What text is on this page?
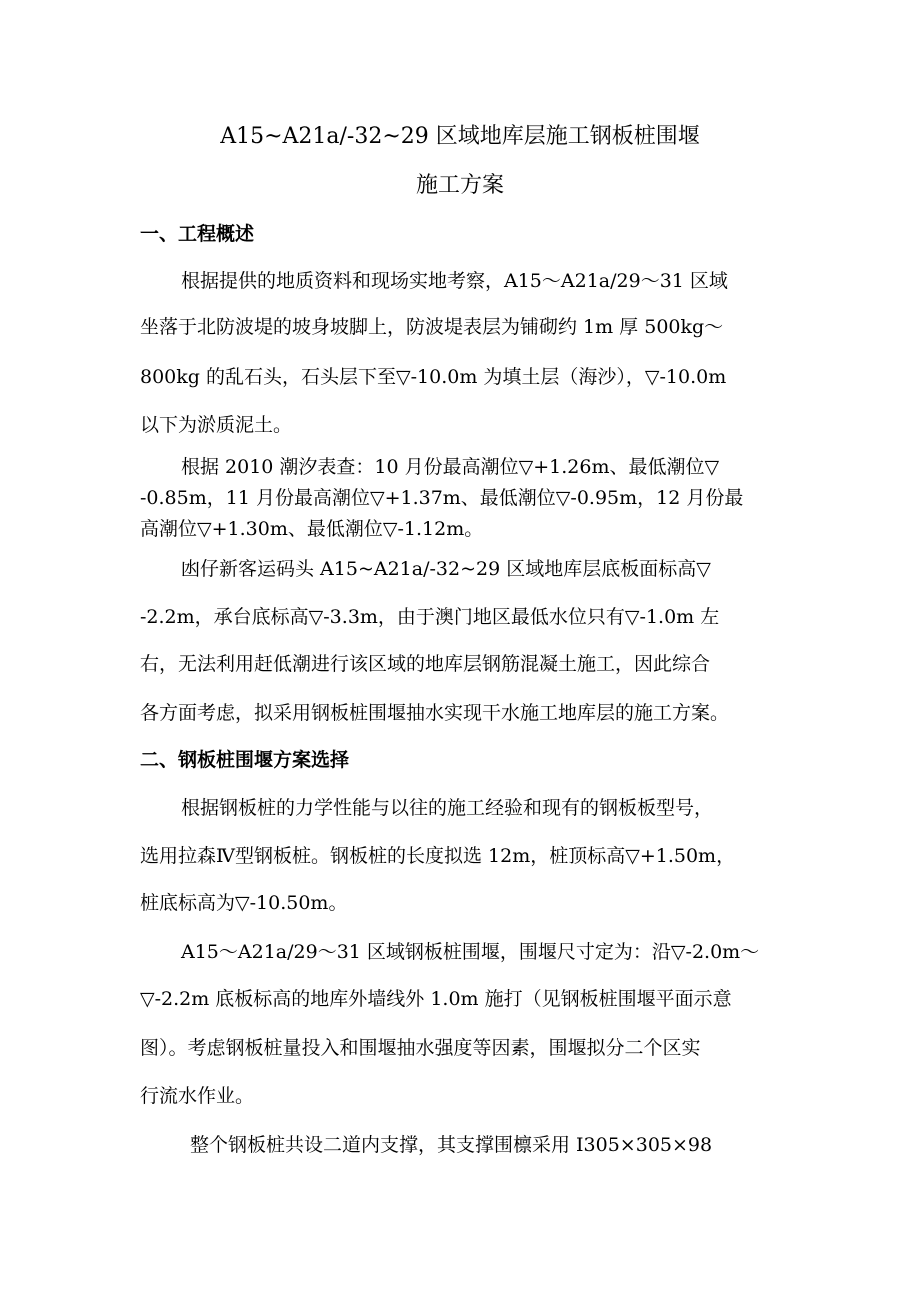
A15~A21a/-32~29 区域地库层施工钢板桩围堰
施工方案
一、工程概述
根据提供的地质资料和现场实地考察，A15～A21a/29～31 区域
坐落于北防波堤的坡身坡脚上，防波堤表层为铺砌约 1m 厚 500kg～
800kg 的乱石头，石头层下至▽-10.0m 为填土层（海沙），▽-10.0m
以下为淤质泥土。
根据 2010 潮汐表查：10 月份最高潮位▽+1.26m、最低潮位▽
-0.85m，11 月份最高潮位▽+1.37m、最低潮位▽-0.95m，12 月份最
高潮位▽+1.30m、最低潮位▽-1.12m。
凼仔新客运码头 A15~A21a/-32~29 区域地库层底板面标高▽
-2.2m，承台底标高▽-3.3m，由于澳门地区最低水位只有▽-1.0m 左
右，无法利用赶低潮进行该区域的地库层钢筋混凝土施工，因此综合
各方面考虑，拟采用钢板桩围堰抽水实现干水施工地库层的施工方案。
二、钢板桩围堰方案选择
根据钢板桩的力学性能与以往的施工经验和现有的钢板板型号，
选用拉森Ⅳ型钢板桩。钢板桩的长度拟选 12m，桩顶标高▽+1.50m，
桩底标高为▽-10.50m。
A15～A21a/29～31 区域钢板桩围堰，围堰尺寸定为：沿▽-2.0m～
▽-2.2m 底板标高的地库外墙线外 1.0m 施打（见钢板桩围堰平面示意
图）。考虑钢板桩量投入和围堰抽水强度等因素，围堰拟分二个区实
行流水作业。
整个钢板桩共设二道内支撑，其支撑围檩采用 I305×305×98
